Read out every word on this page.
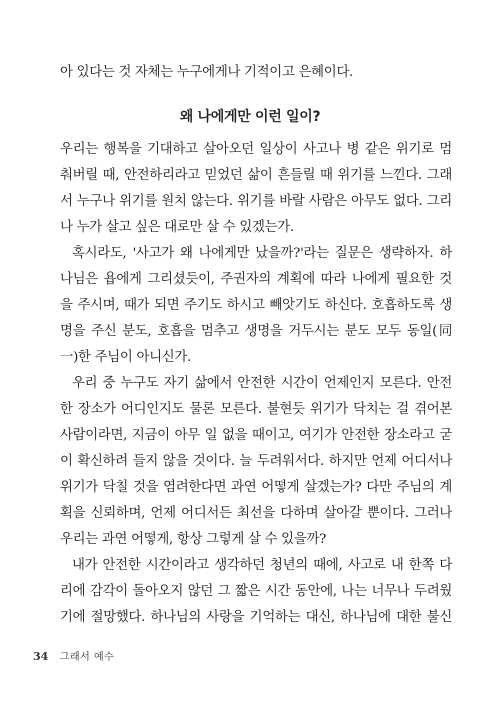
아 있다는 것 자체는 누구에게나 기적이고 은혜이다.
왜 나에게만 이런 일이?
우리는 행복을 기대하고 살아오던 일상이 사고나 병 같은 위기로 멈
춰버릴 때, 안전하리라고 믿었던 삶이 흔들릴 때 위기를 느낀다. 그래
서 누구나 위기를 원치 않는다. 위기를 바랄 사람은 아무도 없다. 그리
나 누가 살고 싶은 대로만 살 수 있겠는가.
혹시라도, '사고가 왜 나에게만 났을까?'라는 질문은 생략하자. 하
나님은 욥에게 그리셨듯이, 주권자의 계획에 따라 나에게 필요한 것
을 주시며, 때가 되면 주기도 하시고 빼앗기도 하신다. 호흡하도록 생
명을 주신 분도, 호흡을 멈추고 생명을 거두시는 분도 모두 동일(同
一)한 주님이 아니신가.
우리 중 누구도 자기 삶에서 안전한 시간이 언제인지 모른다. 안전
한 장소가 어디인지도 물론 모른다. 불현듯 위기가 닥치는 걸 겪어본
사람이라면, 지금이 아무 일 없을 때이고, 여기가 안전한 장소라고 굳
이 확신하려 들지 않을 것이다. 늘 두려워서다. 하지만 언제 어디서나
위기가 닥칠 것을 염려한다면 과연 어떻게 살겠는가? 다만 주님의 계
획을 신뢰하며, 언제 어디서든 최선을 다하며 살아갈 뿐이다. 그러나
우리는 과연 어떻게, 항상 그렇게 살 수 있을까?
내가 안전한 시간이라고 생각하던 청년의 때에, 사고로 내 한쪽 다
리에 감각이 돌아오지 않던 그 짧은 시간 동안에, 나는 너무나 두려웠
기에 절망했다. 하나님의 사랑을 기억하는 대신, 하나님에 대한 불신
34 그래서 예수
